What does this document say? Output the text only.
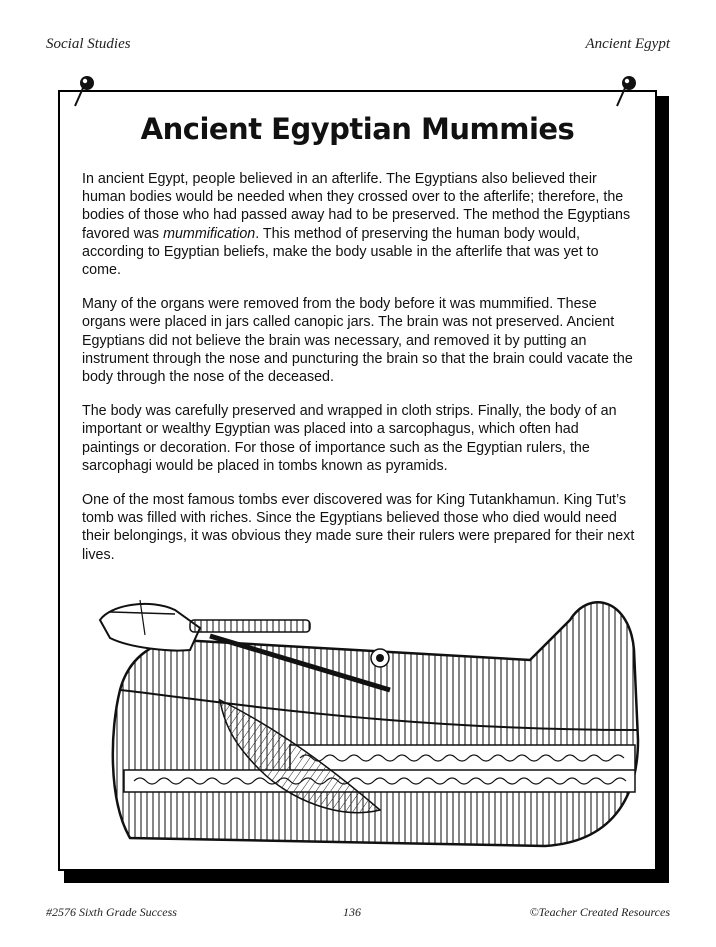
Social Studies	Ancient Egypt
Ancient Egyptian Mummies

In ancient Egypt, people believed in an afterlife. The Egyptians also believed their human bodies would be needed when they crossed over to the afterlife; therefore, the bodies of those who had passed away had to be preserved. The method the Egyptians favored was mummification. This method of preserving the human body would, according to Egyptian beliefs, make the body usable in the afterlife that was yet to come.

Many of the organs were removed from the body before it was mummified. These organs were placed in jars called canopic jars. The brain was not preserved. Ancient Egyptians did not believe the brain was necessary, and removed it by putting an instrument through the nose and puncturing the brain so that the brain could vacate the body through the nose of the deceased.

The body was carefully preserved and wrapped in cloth strips. Finally, the body of an important or wealthy Egyptian was placed into a sarcophagus, which often had paintings or decoration. For those of importance such as the Egyptian rulers, the sarcophagi would be placed in tombs known as pyramids.

One of the most famous tombs ever discovered was for King Tutankhamun. King Tut’s tomb was filled with riches. Since the Egyptians believed those who died would need their belongings, it was obvious they made sure their rulers were prepared for their next lives.

#2576 Sixth Grade Success	136	©Teacher Created Resources
